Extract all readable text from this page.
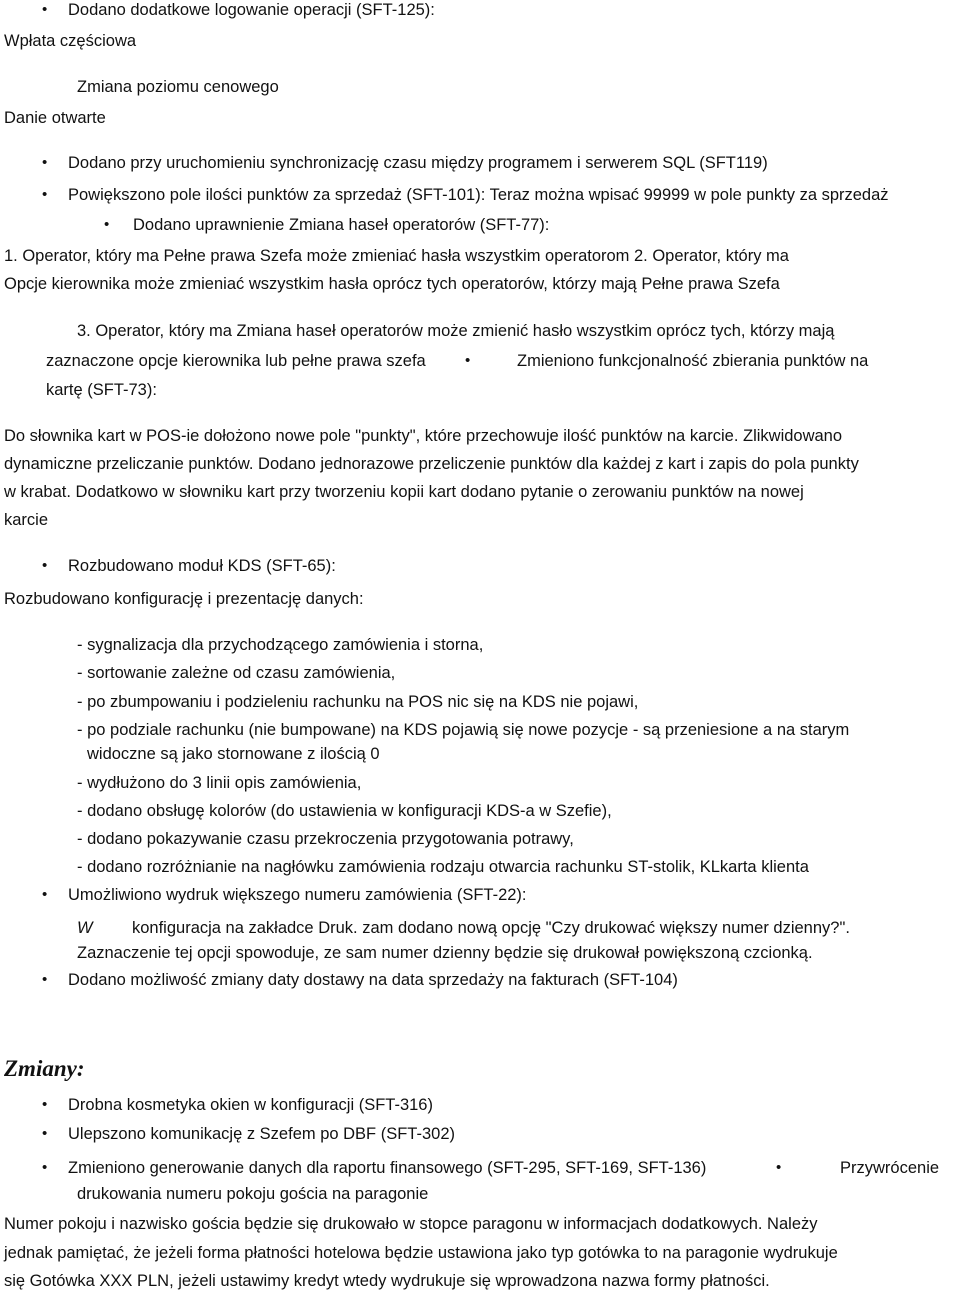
• Dodano dodatkowe logowanie operacji (SFT-125):
Wpłata częściowa
Zmiana poziomu cenowego
Danie otwarte
• Dodano przy uruchomieniu synchronizację czasu między programem i serwerem SQL (SFT119)
• Powiększono pole ilości punktów za sprzedaż (SFT-101): Teraz można wpisać 99999 w pole punkty za sprzedaż
• Dodano uprawnienie Zmiana haseł operatorów (SFT-77):
1. Operator, który ma Pełne prawa Szefa może zmieniać hasła wszystkim operatorom 2. Operator, który ma
Opcje kierownika może zmieniać wszystkim hasła oprócz tych operatorów, którzy mają Pełne prawa Szefa
3. Operator, który ma Zmiana haseł operatorów może zmienić hasło wszystkim oprócz tych, którzy mają
zaznaczone opcje kierownika lub pełne prawa szefa	•	Zmieniono funkcjonalność zbierania punktów na
kartę (SFT-73):
Do słownika kart w POS-ie dołożono nowe pole "punkty", które przechowuje ilość punktów na karcie. Zlikwidowano
dynamiczne przeliczanie punktów. Dodano jednorazowe przeliczenie punktów dla każdej z kart i zapis do pola punkty
w krabat. Dodatkowo w słowniku kart przy tworzeniu kopii kart dodano pytanie o zerowaniu punktów na nowej
karcie
• Rozbudowano moduł KDS (SFT-65):
Rozbudowano konfigurację i prezentację danych:
- sygnalizacja dla przychodzącego zamówienia i storna,
- sortowanie zależne od czasu zamówienia,
- po zbumpowaniu i podzieleniu rachunku na POS nic się na KDS nie pojawi,
- po podziale rachunku (nie bumpowane) na KDS pojawią się nowe pozycje - są przeniesione a na starym
widoczne są jako stornowane z ilością 0
- wydłużono do 3 linii opis zamówienia,
- dodano obsługę kolorów (do ustawienia w konfiguracji KDS-a w Szefie),
- dodano pokazywanie czasu przekroczenia przygotowania potrawy,
- dodano rozróżnianie na nagłówku zamówienia rodzaju otwarcia rachunku ST-stolik, KLkarta klienta
• Umożliwiono wydruk większego numeru zamówienia (SFT-22):
W konfiguracja na zakładce Druk. zam dodano nową opcję "Czy drukować większy numer dzienny?".
Zaznaczenie tej opcji spowoduje, ze sam numer dzienny będzie się drukował powiększoną czcionką.
• Dodano możliwość zmiany daty dostawy na data sprzedaży na fakturach (SFT-104)
Zmiany:
• Drobna kosmetyka okien w konfiguracji (SFT-316)
• Ulepszono komunikację z Szefem po DBF (SFT-302)
• Zmieniono generowanie danych dla raportu finansowego (SFT-295, SFT-169, SFT-136)	•	Przywrócenie
drukowania numeru pokoju gościa na paragonie
Numer pokoju i nazwisko gościa będzie się drukowało w stopce paragonu w informacjach dodatkowych. Należy
jednak pamiętać, że jeżeli forma płatności hotelowa będzie ustawiona jako typ gotówka to na paragonie wydrukuje
się Gotówka XXX PLN, jeżeli ustawimy kredyt wtedy wydrukuje się wprowadzona nazwa formy płatności.
